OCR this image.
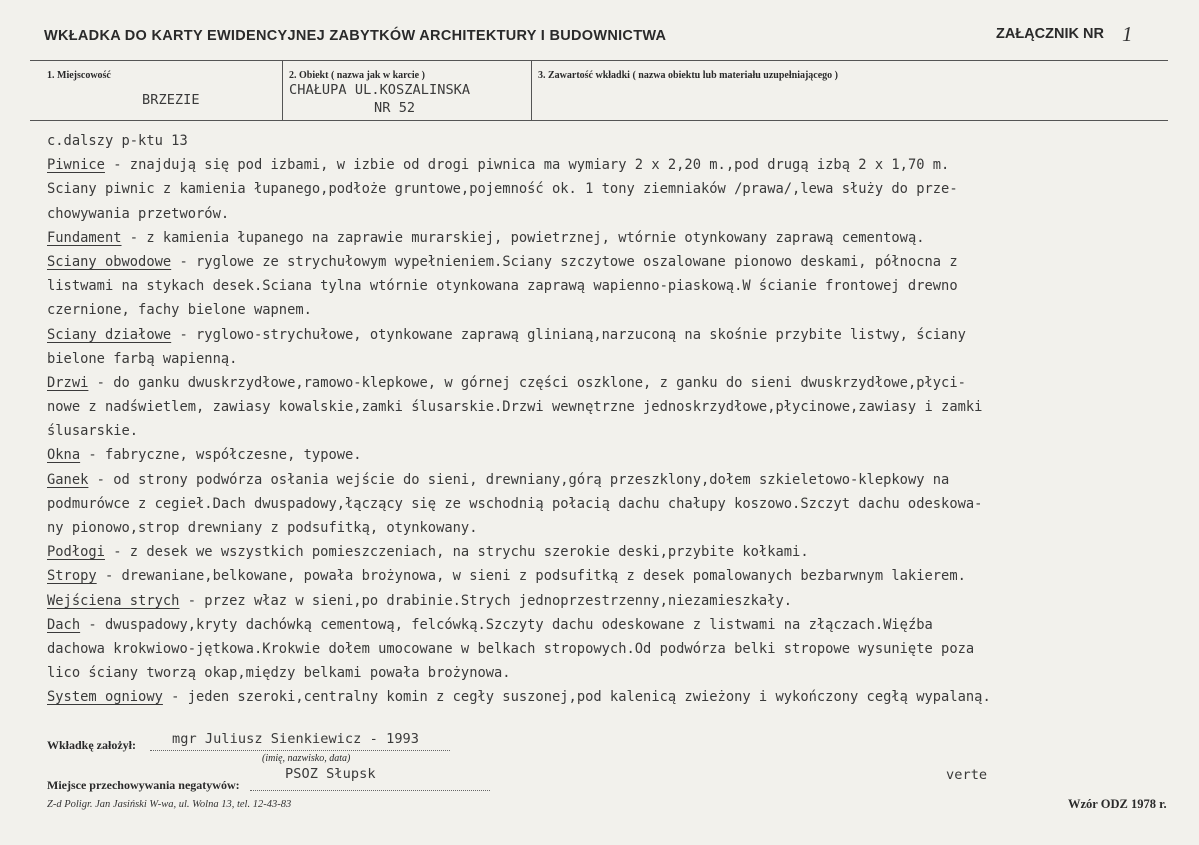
WKŁADKA DO KARTY EWIDENCYJNEJ ZABYTKÓW ARCHITEKTURY I BUDOWNICTWA	ZAŁĄCZNIK NR 1
1. Miejscowość
BRZEZIE
2. Obiekt ( nazwa jak w karcie )
CHAŁUPA UL.KOSZALINSKA
NR 52
3. Zawartość wkładki ( nazwa obiektu lub materiału uzupełniającego )
c.dalszy p-ktu 13
Piwnice - znajdują się pod izbami, w izbie od drogi piwnica ma wymiary 2 x 2,20 m.,pod drugą izbą 2 x 1,70 m.
Sciany piwnic z kamienia łupanego,podłoże gruntowe,pojemność ok. 1 tony ziemniaków /prawa/,lewa służy do prze-
chowywania przetworów.
Fundament - z kamienia łupanego na zaprawie murarskiej, powietrznej, wtórnie otynkowany zaprawą cementową.
Sciany obwodowe - ryglowe ze strychułowym wypełnieniem.Sciany szczytowe oszalowane pionowo deskami, północna z
listwami na stykach desek.Sciana tylna wtórnie otynkowana zaprawą wapienno-piaskową.W ścianie frontowej drewno
czernione, fachy bielone wapnem.
Sciany działowe - ryglowo-strychułowe, otynkowane zaprawą glinianą,narzuconą na skośnie przybite listwy, ściany
bielone farbą wapienną.
Drzwi - do ganku dwuskrzydłowe,ramowo-klepkowe, w górnej części oszklone, z ganku do sieni dwuskrzydłowe,płyci-
nowe z nadświetlem, zawiasy kowalskie,zamki ślusarskie.Drzwi wewnętrzne jednoskrzydłowe,płycinowe,zawiasy i zamki
ślusarskie.
Okna - fabryczne, współczesne, typowe.
Ganek - od strony podwórza osłania wejście do sieni, drewniany,górą przeszklony,dołem szkieletowo-klepkowy na
podmurówce z cegieł.Dach dwuspadowy,łączący się ze wschodnią połacią dachu chałupy koszowo.Szczyt dachu odeskowa-
ny pionowo,strop drewniany z podsufitką, otynkowany.
Podłogi - z desek we wszystkich pomieszczeniach, na strychu szerokie deski,przybite kołkami.
Stropy - drewaniane,belkowane, powała brożynowa, w sieni z podsufitką z desek pomalowanych bezbarwnym lakierem.
Wejściena strych - przez właz w sieni,po drabinie.Strych jednoprzestrzenny,niezamieszkały.
Dach - dwuspadowy,kryty dachówką cementową, felcówką.Szczyty dachu odeskowane z listwami na złączach.Więźba
dachowa krokwiowo-jętkowa.Krokwie dołem umocowane w belkach stropowych.Od podwórza belki stropowe wysunięte poza
lico ściany tworzą okap,między belkami powała brożynowa.
System ogniowy - jeden szeroki,centralny komin z cegły suszonej,pod kalenicą zwieżony i wykończony cegłą wypalaną.
Wkładkę założył:	mgr Juliusz Sienkiewicz - 1993
(imię, nazwisko, data)
Miejsce przechowywania negatywów:
PSOZ Słupsk	verte
Z-d Poligr. Jan Jasiński W-wa, ul. Wolna 13, tel. 12-43-83	Wzór ODZ 1978 r.
